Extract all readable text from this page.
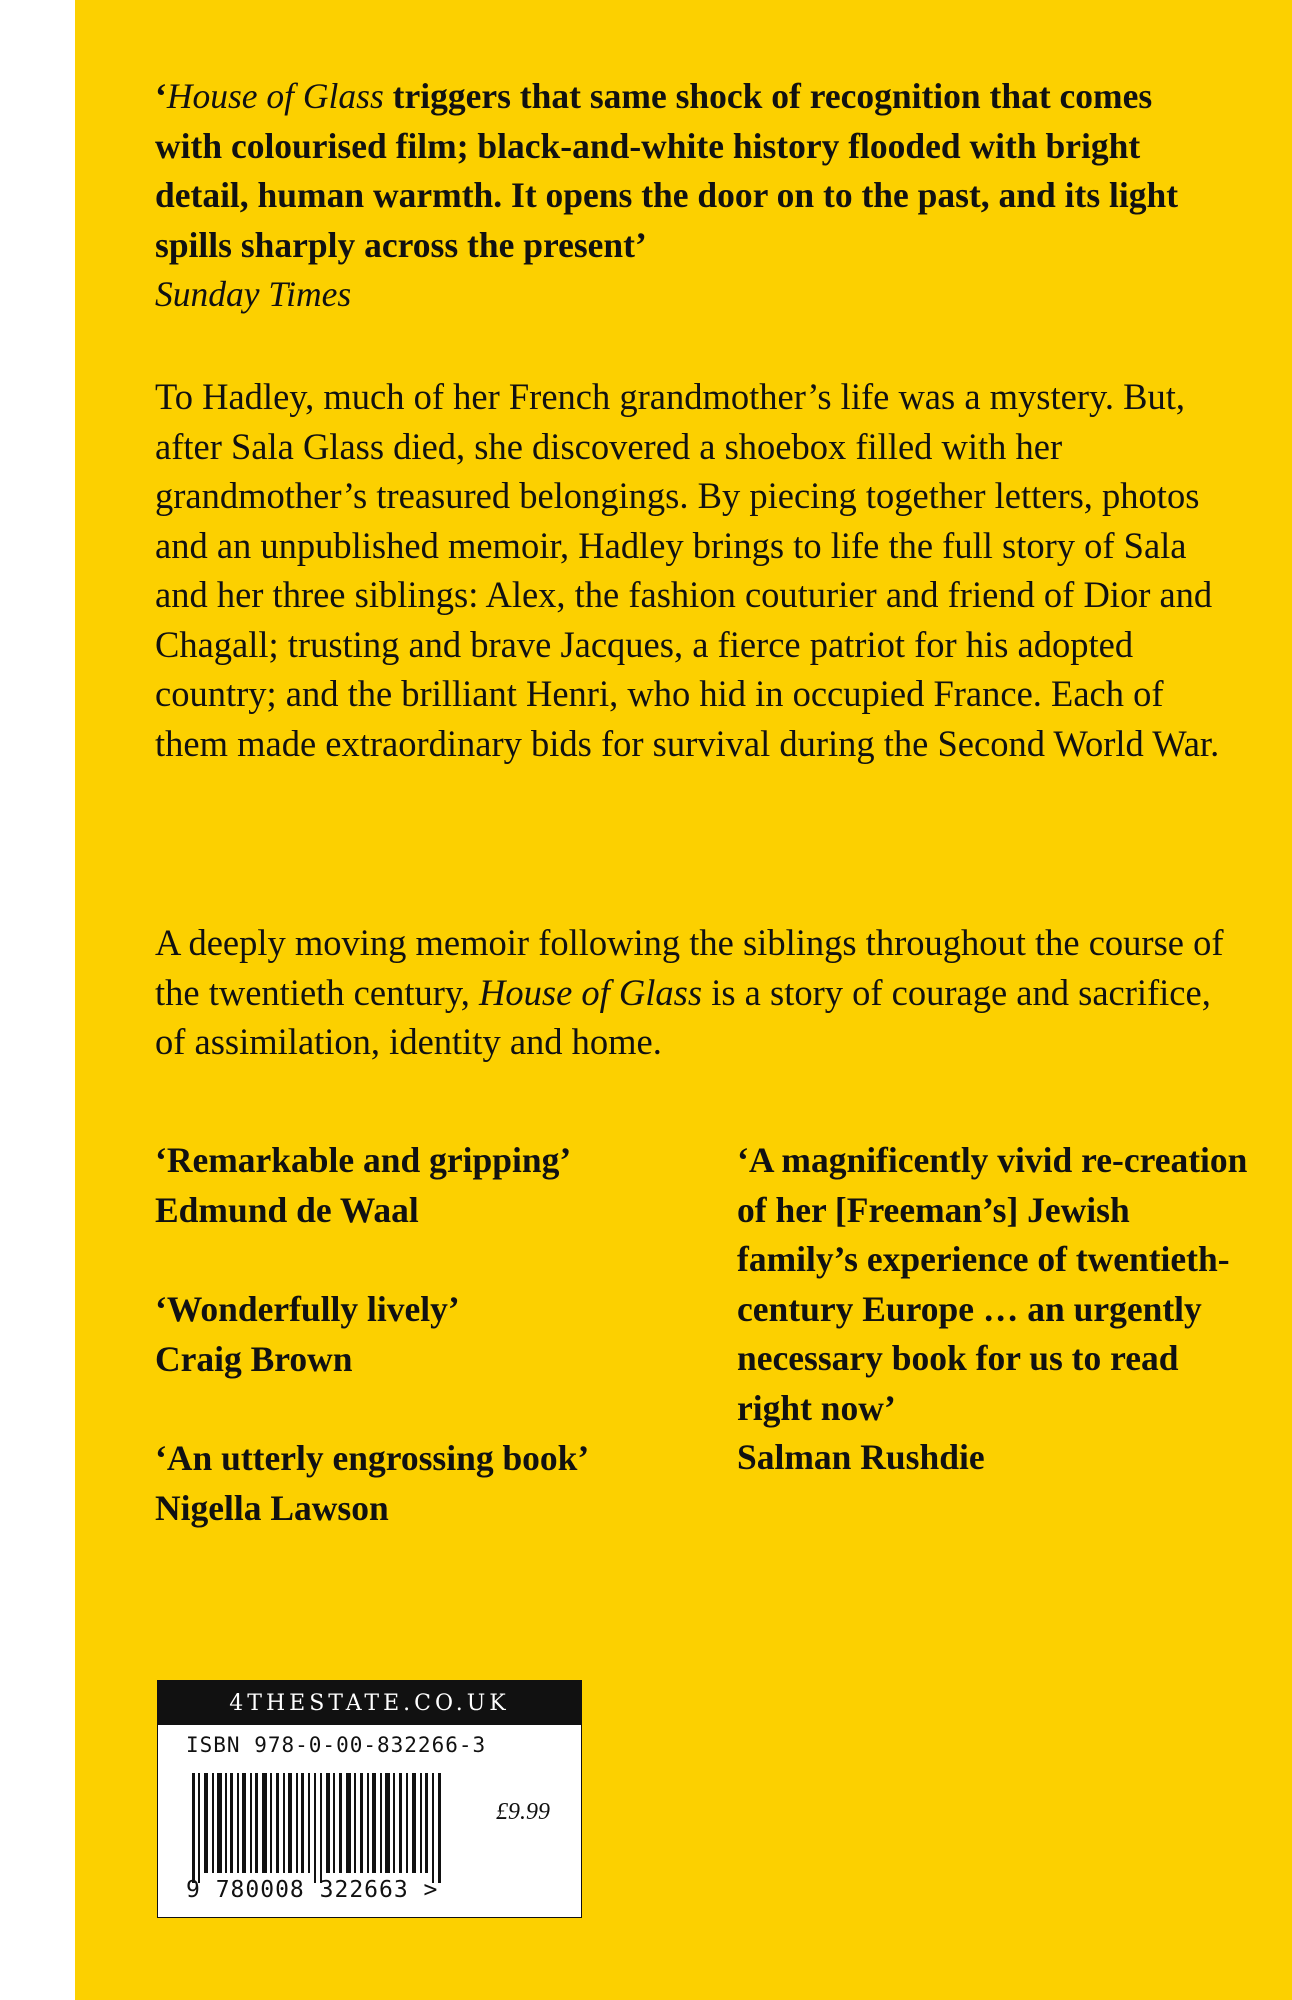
‘House of Glass triggers that same shock of recognition that comes with colourised film; black-and-white history flooded with bright detail, human warmth. It opens the door on to the past, and its light spills sharply across the present’
Sunday Times

To Hadley, much of her French grandmother’s life was a mystery. But, after Sala Glass died, she discovered a shoebox filled with her grandmother’s treasured belongings. By piecing together letters, photos and an unpublished memoir, Hadley brings to life the full story of Sala and her three siblings: Alex, the fashion couturier and friend of Dior and Chagall; trusting and brave Jacques, a fierce patriot for his adopted country; and the brilliant Henri, who hid in occupied France. Each of them made extraordinary bids for survival during the Second World War.

A deeply moving memoir following the siblings throughout the course of the twentieth century, House of Glass is a story of courage and sacrifice, of assimilation, identity and home.

‘Remarkable and gripping’
Edmund de Waal

‘Wonderfully lively’
Craig Brown

‘An utterly engrossing book’
Nigella Lawson

‘A magnificently vivid re-creation of her [Freeman’s] Jewish family’s experience of twentieth-century Europe … an urgently necessary book for us to read right now’
Salman Rushdie

4THESTATE.CO.UK
ISBN 978-0-00-832266-3
£9.99
9 780008 322663 >
